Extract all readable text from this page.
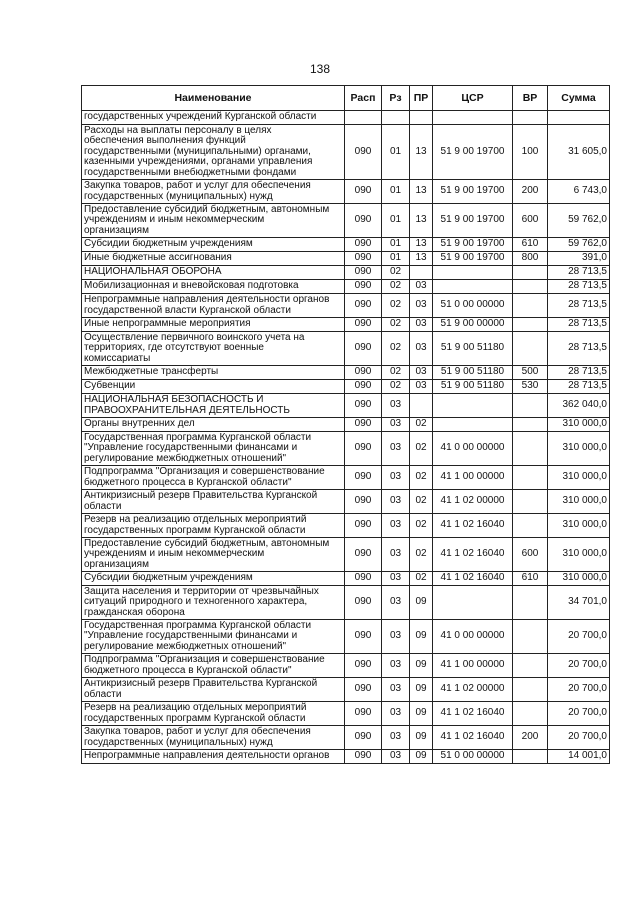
138
Наименование	Расп	Рз	ПР	ЦСР	ВР	Сумма

государственных учреждений Курганской области						

Расходы на выплаты персоналу в целях
обеспечения выполнения функций
государственными (муниципальными) органами,
казенными учреждениями, органами управления
государственными внебюджетными фондами	090	01	13	51 9 00 19700	100	31 605,0

Закупка товаров, работ и услуг для обеспечения
государственных (муниципальных) нужд	090	01	13	51 9 00 19700	200	6 743,0

Предоставление субсидий бюджетным, автономным
учреждениям и иным некоммерческим
организациям	090	01	13	51 9 00 19700	600	59 762,0

Субсидии бюджетным учреждениям	090	01	13	51 9 00 19700	610	59 762,0

Иные бюджетные ассигнования	090	01	13	51 9 00 19700	800	391,0

НАЦИОНАЛЬНАЯ ОБОРОНА	090	02				28 713,5

Мобилизационная и вневойсковая подготовка	090	02	03			28 713,5

Непрограммные направления деятельности органов
государственной власти Курганской области	090	02	03	51 0 00 00000		28 713,5

Иные непрограммные мероприятия	090	02	03	51 9 00 00000		28 713,5

Осуществление первичного воинского учета на
территориях, где отсутствуют военные
комиссариаты	090	02	03	51 9 00 51180		28 713,5

Межбюджетные трансферты	090	02	03	51 9 00 51180	500	28 713,5

Субвенции	090	02	03	51 9 00 51180	530	28 713,5

НАЦИОНАЛЬНАЯ БЕЗОПАСНОСТЬ И
ПРАВООХРАНИТЕЛЬНАЯ ДЕЯТЕЛЬНОСТЬ	090	03				362 040,0

Органы внутренних дел	090	03	02			310 000,0

Государственная программа Курганской области
"Управление государственными финансами и
регулирование межбюджетных отношений"	090	03	02	41 0 00 00000		310 000,0

Подпрограмма "Организация и совершенствование
бюджетного процесса в Курганской области"	090	03	02	41 1 00 00000		310 000,0

Антикризисный резерв Правительства Курганской
области	090	03	02	41 1 02 00000		310 000,0

Резерв на реализацию отдельных мероприятий
государственных программ Курганской области	090	03	02	41 1 02 16040		310 000,0

Предоставление субсидий бюджетным, автономным
учреждениям и иным некоммерческим
организациям	090	03	02	41 1 02 16040	600	310 000,0

Субсидии бюджетным учреждениям	090	03	02	41 1 02 16040	610	310 000,0

Защита населения и территории от чрезвычайных
ситуаций природного и техногенного характера,
гражданская оборона	090	03	09			34 701,0

Государственная программа Курганской области
"Управление государственными финансами и
регулирование межбюджетных отношений"	090	03	09	41 0 00 00000		20 700,0

Подпрограмма "Организация и совершенствование
бюджетного процесса в Курганской области"	090	03	09	41 1 00 00000		20 700,0

Антикризисный резерв Правительства Курганской
области	090	03	09	41 1 02 00000		20 700,0

Резерв на реализацию отдельных мероприятий
государственных программ Курганской области	090	03	09	41 1 02 16040		20 700,0

Закупка товаров, работ и услуг для обеспечения
государственных (муниципальных) нужд	090	03	09	41 1 02 16040	200	20 700,0

Непрограммные направления деятельности органов	090	03	09	51 0 00 00000		14 001,0
